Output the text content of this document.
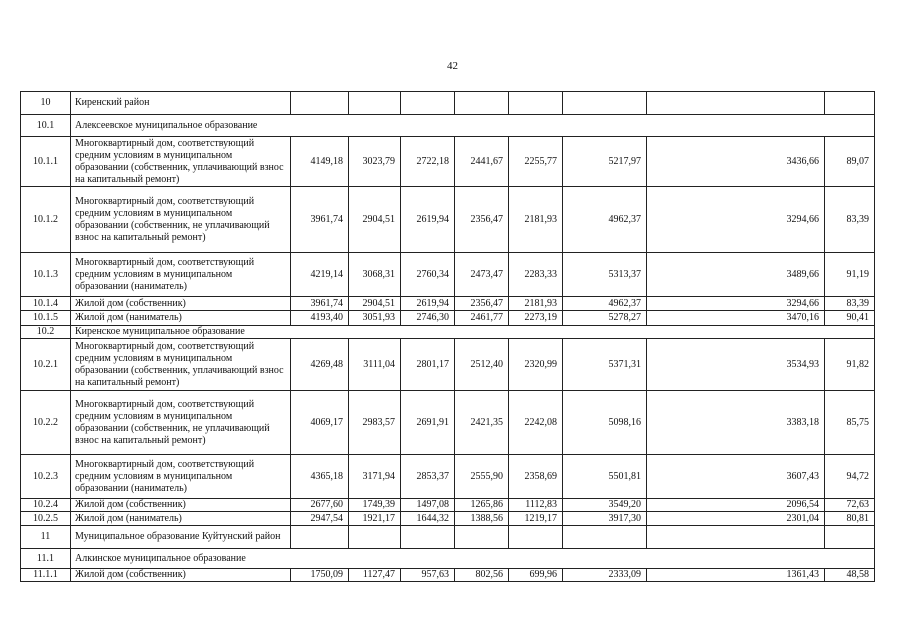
42
10	Киренский район								
10.1	Алексеевское муниципальное образование								
10.1.1	Многоквартирный дом, соответствующий средним условиям в муниципальном образовании (собственник, уплачивающий взнос на капитальный ремонт)	4149,18	3023,79	2722,18	2441,67	2255,77	5217,97	3436,66	89,07
10.1.2	Многоквартирный дом, соответствующий средним условиям в муниципальном образовании (собственник, не уплачивающий взнос на капитальный ремонт)	3961,74	2904,51	2619,94	2356,47	2181,93	4962,37	3294,66	83,39
10.1.3	Многоквартирный дом, соответствующий средним условиям в муниципальном образовании (наниматель)	4219,14	3068,31	2760,34	2473,47	2283,33	5313,37	3489,66	91,19
10.1.4	Жилой дом (собственник)	3961,74	2904,51	2619,94	2356,47	2181,93	4962,37	3294,66	83,39
10.1.5	Жилой дом (наниматель)	4193,40	3051,93	2746,30	2461,77	2273,19	5278,27	3470,16	90,41
10.2	Киренское муниципальное образование								
10.2.1	Многоквартирный дом, соответствующий средним условиям в муниципальном образовании (собственник, уплачивающий взнос на капитальный ремонт)	4269,48	3111,04	2801,17	2512,40	2320,99	5371,31	3534,93	91,82
10.2.2	Многоквартирный дом, соответствующий средним условиям в муниципальном образовании (собственник, не уплачивающий взнос на капитальный ремонт)	4069,17	2983,57	2691,91	2421,35	2242,08	5098,16	3383,18	85,75
10.2.3	Многоквартирный дом, соответствующий средним условиям в муниципальном образовании (наниматель)	4365,18	3171,94	2853,37	2555,90	2358,69	5501,81	3607,43	94,72
10.2.4	Жилой дом (собственник)	2677,60	1749,39	1497,08	1265,86	1112,83	3549,20	2096,54	72,63
10.2.5	Жилой дом (наниматель)	2947,54	1921,17	1644,32	1388,56	1219,17	3917,30	2301,04	80,81
11	Муниципальное образование Куйтунский район								
11.1	Алкинское муниципальное образование								
11.1.1	Жилой дом (собственник)	1750,09	1127,47	957,63	802,56	699,96	2333,09	1361,43	48,58
